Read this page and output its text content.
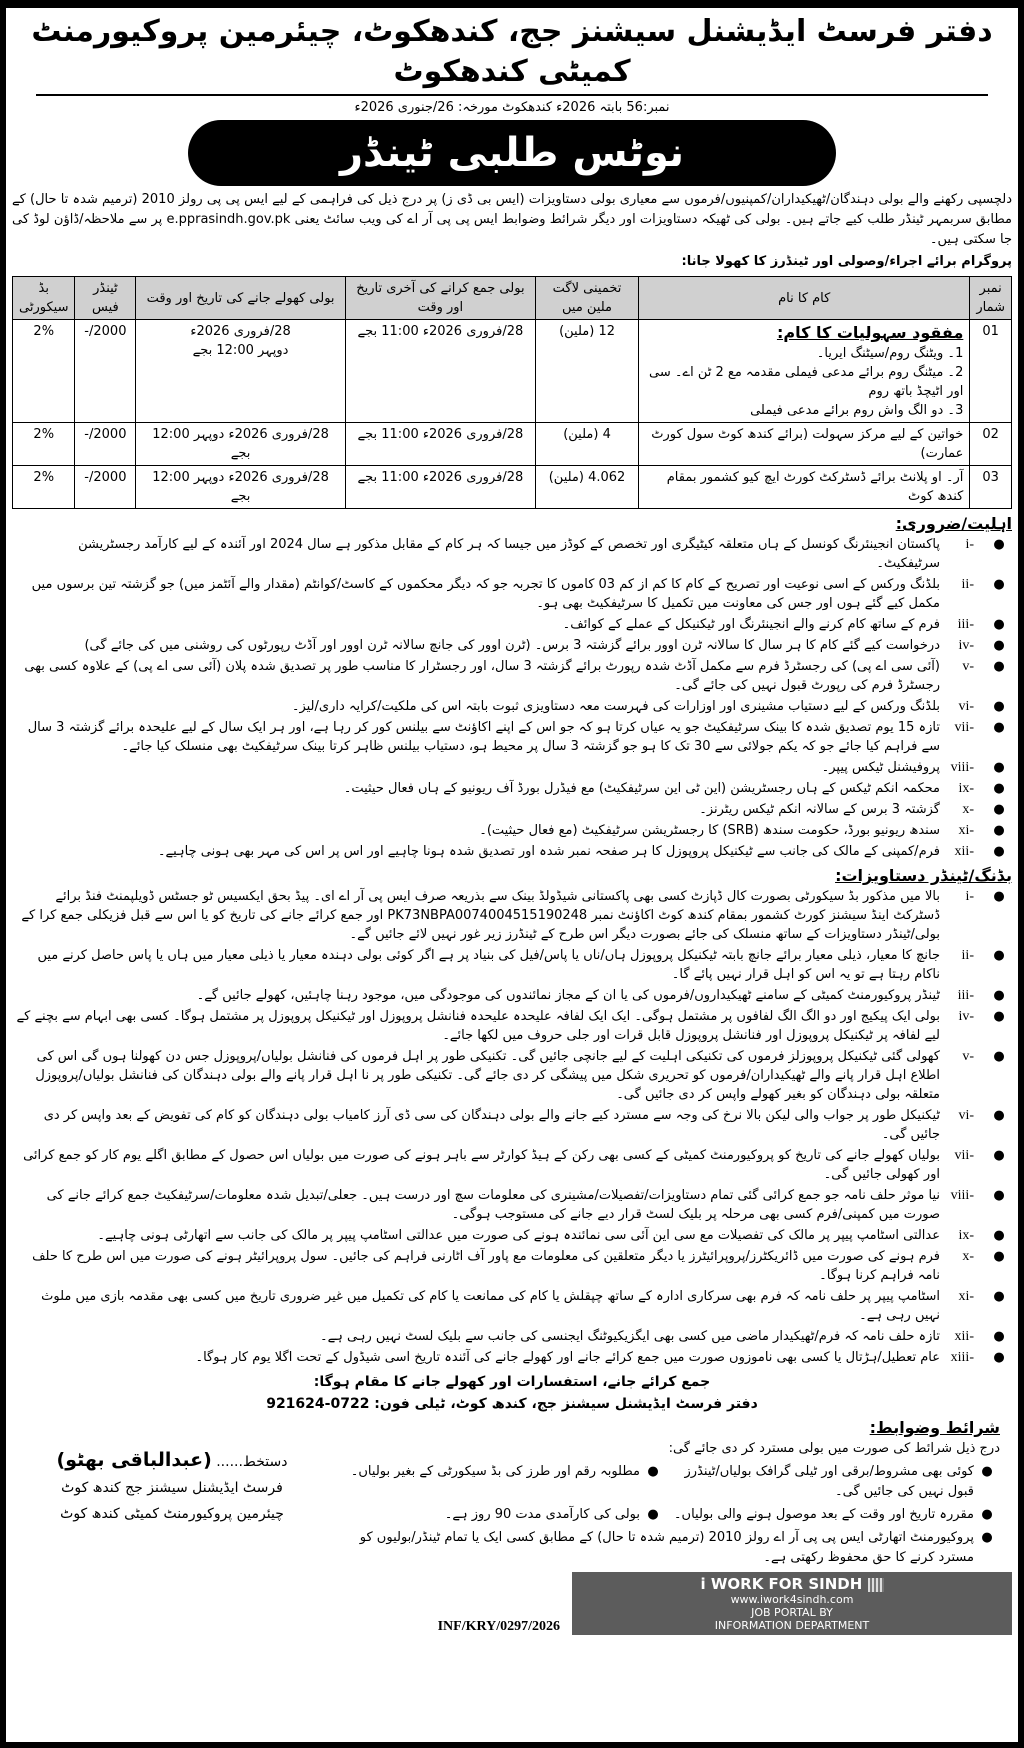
دفتر فرسٹ ایڈیشنل سیشنز جج، کندھکوٹ، چیئرمین پروکیورمنٹ کمیٹی کندھکوٹ
نمبر:56 بابتہ 2026ء کندھکوٹ مورخہ: 26/جنوری 2026ء
نوٹس طلبی ٹینڈر
دلچسپی رکھنے والے بولی دہندگان/ٹھیکیداران/کمپنیوں/فرموں سے معیاری بولی دستاویزات (ایس بی ڈی ز) پر درج ذیل کی فراہمی کے لیے ایس پی پی رولز 2010 (ترمیم شدہ تا حال) کے مطابق سربمہر ٹینڈر طلب کیے جاتے ہیں۔ بولی کی ٹھیکہ دستاویزات اور دیگر شرائط وضوابط ایس پی پی آر اے کی ویب سائٹ یعنی e.pprasindh.gov.pk پر سے ملاحظہ/ڈاؤن لوڈ کی جا سکتی ہیں۔
پروگرام برائے اجراء/وصولی اور ٹینڈرز کا کھولا جانا:
نمبر شمار	کام کا نام	تخمینی لاگت ملین میں	بولی جمع کرانے کی آخری تاریخ اور وقت	بولی کھولے جانے کی تاریخ اور وقت	ٹینڈر فیس	بڈ سیکورٹی
01	مفقود سہولیات کا کام:
1۔ ویٹنگ روم/سیٹنگ ایریا۔
2۔ میٹنگ روم برائے مدعی فیملی مقدمہ مع 2 ٹن اے۔ سی اور اٹیچڈ باتھ روم
3۔ دو الگ واش روم برائے مدعی فیملی	12 (ملین)	28/فروری 2026ء 11:00 بجے	28/فروری 2026ء دوپہر 12:00 بجے	2000/-	2%
02	خواتین کے لیے مرکز سہولت (برائے کندھ کوٹ سول کورٹ عمارت)	4 (ملین)	28/فروری 2026ء 11:00 بجے	28/فروری 2026ء دوپہر 12:00 بجے	2000/-	2%
03	آر۔ او پلانٹ برائے ڈسٹرکٹ کورٹ ایچ کیو کشمور بمقام کندھ کوٹ	4.062 (ملین)	28/فروری 2026ء 11:00 بجے	28/فروری 2026ء دوپہر 12:00 بجے	2000/-	2%
اہلیت/ضروری:
●
i-
پاکستان انجینئرنگ کونسل کے ہاں متعلقہ کیٹیگری اور تخصص کے کوڈز میں جیسا کہ ہر کام کے مقابل مذکور ہے سال 2024 اور آئندہ کے لیے کارآمد رجسٹریشن سرٹیفکیٹ۔
●
ii-
بلڈنگ ورکس کے اسی نوعیت اور تصریح کے کام کا کم از کم 03 کاموں کا تجربہ جو کہ دیگر محکموں کے کاسٹ/کوانٹم (مقدار والے آئٹمز میں) جو گزشتہ تین برسوں میں مکمل کیے گئے ہوں اور جس کی معاونت میں تکمیل کا سرٹیفکیٹ بھی ہو۔
●
iii-
فرم کے ساتھ کام کرنے والے انجینئرنگ اور ٹیکنیکل کے عملے کے کوائف۔
●
iv-
درخواست کیے گئے کام کا ہر سال کا سالانہ ٹرن اوور برائے گزشتہ 3 برس۔ (ٹرن اوور کی جانچ سالانہ ٹرن اوور اور آڈٹ رپورٹوں کی روشنی میں کی جائے گی)
●
v-
(آئی سی اے پی) کی رجسٹرڈ فرم سے مکمل آڈٹ شدہ رپورٹ برائے گزشتہ 3 سال، اور رجسٹرار کا مناسب طور پر تصدیق شدہ پلان (آئی سی اے پی) کے علاوہ کسی بھی رجسٹرڈ فرم کی رپورٹ قبول نہیں کی جائے گی۔
●
vi-
بلڈنگ ورکس کے لیے دستیاب مشینری اور اوزارات کی فہرست معہ دستاویزی ثبوت بابتہ اس کی ملکیت/کرایہ داری/لیز۔
●
vii-
تازہ 15 یوم تصدیق شدہ کا بینک سرٹیفکیٹ جو یہ عیاں کرتا ہو کہ جو اس کے اپنے اکاؤنٹ سے بیلنس کور کر رہا ہے، اور ہر ایک سال کے لیے علیحدہ برائے گزشتہ 3 سال سے فراہم کیا جائے جو کہ یکم جولائی سے 30 تک کا ہو جو گزشتہ 3 سال پر محیط ہو، دستیاب بیلنس ظاہر کرتا بینک سرٹیفکیٹ بھی منسلک کیا جائے۔
●
viii-
پروفیشنل ٹیکس پیپر۔
●
ix-
محکمہ انکم ٹیکس کے ہاں رجسٹریشن (این ٹی این سرٹیفکیٹ) مع فیڈرل بورڈ آف ریونیو کے ہاں فعال حیثیت۔
●
x-
گزشتہ 3 برس کے سالانہ انکم ٹیکس ریٹرنز۔
●
xi-
سندھ ریونیو بورڈ، حکومت سندھ (SRB) کا رجسٹریشن سرٹیفکیٹ (مع فعال حیثیت)۔
●
xii-
فرم/کمپنی کے مالک کی جانب سے ٹیکنیکل پروپوزل کا ہر صفحہ نمبر شدہ اور تصدیق شدہ ہونا چاہیے اور اس پر اس کی مہر بھی ہونی چاہیے۔
بڈنگ/ٹینڈر دستاویزات:
●
i-
بالا میں مذکور بڈ سیکورٹی بصورت کال ڈپازٹ کسی بھی پاکستانی شیڈولڈ بینک سے بذریعہ صرف ایس پی آر اے ای۔ پیڈ بحق ایکسیس ٹو جسٹس ڈویلپمنٹ فنڈ برائے ڈسٹرکٹ اینڈ سیشنز کورٹ کشمور بمقام کندھ کوٹ اکاؤنٹ نمبر PK73NBPA0074004515190248 اور جمع کرائے جانے کی تاریخ کو یا اس سے قبل فزیکلی جمع کرا کے بولی/ٹینڈر دستاویزات کے ساتھ منسلک کی جائے بصورت دیگر اس طرح کے ٹینڈرز زیر غور نہیں لائے جائیں گے۔
●
ii-
جانچ کا معیار، ذیلی معیار برائے جانچ بابتہ ٹیکنیکل پروپوزل ہاں/ناں یا پاس/فیل کی بنیاد پر ہے اگر کوئی بولی دہندہ معیار یا ذیلی معیار میں ہاں یا پاس حاصل کرنے میں ناکام رہتا ہے تو یہ اس کو اہل قرار نہیں پائے گا۔
●
iii-
ٹینڈر پروکیورمنٹ کمیٹی کے سامنے ٹھیکیداروں/فرموں کی یا ان کے مجاز نمائندوں کی موجودگی میں، موجود رہنا چاہئیں، کھولے جائیں گے۔
●
iv-
بولی ایک پیکیج اور دو الگ الگ لفافوں پر مشتمل ہوگی۔ ایک ایک لفافہ علیحدہ علیحدہ فنانشل پروپوزل اور ٹیکنیکل پروپوزل پر مشتمل ہوگا۔ کسی بھی ابہام سے بچنے کے لیے لفافہ پر ٹیکنیکل پروپوزل اور فنانشل پروپوزل قابل قرات اور جلی حروف میں لکھا جائے۔
●
v-
کھولی گئی ٹیکنیکل پروپوزلز فرموں کی تکنیکی اہلیت کے لیے جانچی جائیں گی۔ تکنیکی طور پر اہل فرموں کی فنانشل بولیاں/پروپوزل جس دن کھولنا ہوں گی اس کی اطلاع اہل قرار پانے والے ٹھیکیداران/فرموں کو تحریری شکل میں پیشگی کر دی جائے گی۔ تکنیکی طور پر نا اہل قرار پانے والے بولی دہندگان کی فنانشل بولیاں/پروپوزل متعلقہ بولی دہندگان کو بغیر کھولے واپس کر دی جائیں گی۔
●
vi-
ٹیکنیکل طور پر جواب والی لیکن بالا نرخ کی وجہ سے مسترد کیے جانے والے بولی دہندگان کی سی ڈی آرز کامیاب بولی دہندگان کو کام کی تفویض کے بعد واپس کر دی جائیں گی۔
●
vii-
بولیاں کھولے جانے کی تاریخ کو پروکیورمنٹ کمیٹی کے کسی بھی رکن کے ہیڈ کوارٹر سے باہر ہونے کی صورت میں بولیاں اس حصول کے مطابق اگلے یوم کار کو جمع کرائی اور کھولی جائیں گی۔
●
viii-
نیا موثر حلف نامہ جو جمع کرائی گئی تمام دستاویزات/تفصیلات/مشینری کی معلومات سچ اور درست ہیں۔ جعلی/تبدیل شدہ معلومات/سرٹیفکیٹ جمع کرائے جانے کی صورت میں کمپنی/فرم کسی بھی مرحلہ پر بلیک لسٹ قرار دیے جانے کی مستوجب ہوگی۔
●
ix-
عدالتی اسٹامپ پیپر پر مالک کی تفصیلات مع سی این آئی سی نمائندہ ہونے کی صورت میں عدالتی اسٹامپ پیپر پر مالک کی جانب سے اتھارٹی ہونی چاہیے۔
●
x-
فرم ہونے کی صورت میں ڈائریکٹرز/پروپرائیٹرز یا دیگر متعلقین کی معلومات مع پاور آف اٹارنی فراہم کی جائیں۔ سول پروپرائیٹر ہونے کی صورت میں اس طرح کا حلف نامہ فراہم کرنا ہوگا۔
●
xi-
اسٹامپ پیپر پر حلف نامہ کہ فرم بھی سرکاری ادارہ کے ساتھ چپقلش یا کام کی ممانعت یا کام کی تکمیل میں غیر ضروری تاریخ میں کسی بھی مقدمہ بازی میں ملوث نہیں رہی ہے۔
●
xii-
تازہ حلف نامہ کہ فرم/ٹھیکیدار ماضی میں کسی بھی ایگزیکیوٹنگ ایجنسی کی جانب سے بلیک لسٹ نہیں رہی ہے۔
●
xiii-
عام تعطیل/ہڑتال یا کسی بھی ناموزوں صورت میں جمع کرائے جانے اور کھولے جانے کی آئندہ تاریخ اسی شیڈول کے تحت اگلا یوم کار ہوگا۔
جمع کرائے جانے، استفسارات اور کھولے جانے کا مقام ہوگا:
دفتر فرسٹ ایڈیشنل سیشنز جج، کندھ کوٹ، ٹیلی فون: 0722-921624
شرائط وضوابط:
درج ذیل شرائط کی صورت میں بولی مسترد کر دی جائے گی:
●
کوئی بھی مشروط/برقی اور ٹیلی گرافک بولیاں/ٹینڈرز قبول نہیں کی جائیں گی۔
●
مطلوبہ رقم اور طرز کی بڈ سیکورٹی کے بغیر بولیاں۔
●
مقررہ تاریخ اور وقت کے بعد موصول ہونے والی بولیاں۔
●
بولی کی کارآمدی مدت 90 روز ہے۔
●
پروکیورمنٹ اتھارٹی ایس پی پی آر اے رولز 2010 (ترمیم شدہ تا حال) کے مطابق کسی ایک یا تمام ٹینڈر/بولیوں کو مسترد کرنے کا حق محفوظ رکھتی ہے۔
دستخط...... (عبدالباقی بھٹو)
فرسٹ ایڈیشنل سیشنز جج کندھ کوٹ
چیئرمین پروکیورمنٹ کمیٹی کندھ کوٹ
INF/KRY/0297/2026
ⅰ WORK FOR SINDH
www.iwork4sindh.com
JOB PORTAL BY
INFORMATION DEPARTMENT
